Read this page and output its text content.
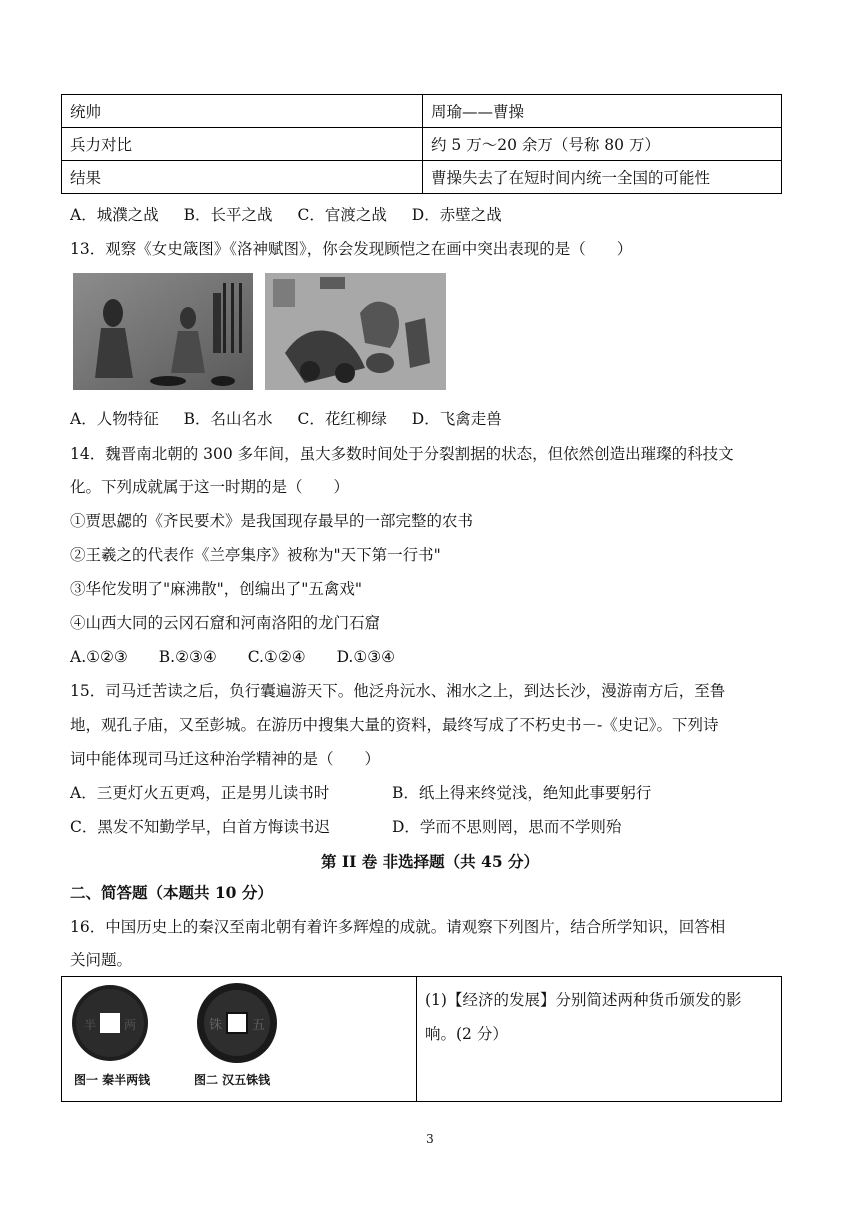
统帅	周瑜——曹操
兵力对比	约 5 万～20 余万（号称 80 万）
结果	曹操失去了在短时间内统一全国的可能性
A．城濮之战 B．长平之战 C．官渡之战 D．赤壁之战
13．观察《女史箴图》《洛神赋图》，你会发现顾恺之在画中突出表现的是（　　）
A．人物特征 B．名山名水 C．花红柳绿 D．飞禽走兽
14．魏晋南北朝的 300 多年间，虽大多数时间处于分裂割据的状态，但依然创造出璀璨的科技文
化。下列成就属于这一时期的是（　　）
①贾思勰的《齐民要术》是我国现存最早的一部完整的农书
②王羲之的代表作《兰亭集序》被称为"天下第一行书"
③华佗发明了"麻沸散"，创编出了"五禽戏"
④山西大同的云冈石窟和河南洛阳的龙门石窟
A.①②③ B.②③④ C.①②④ D.①③④
15．司马迁苦读之后，负行囊遍游天下。他泛舟沅水、湘水之上，到达长沙，漫游南方后，至鲁
地，观孔子庙，又至彭城。在游历中搜集大量的资料，最终写成了不朽史书－-《史记》。下列诗
词中能体现司马迁这种治学精神的是（　　）
A．三更灯火五更鸡，正是男儿读书时	B．纸上得来终觉浅，绝知此事要躬行
C．黑发不知勤学早，白首方悔读书迟	D．学而不思则罔，思而不学则殆
第 II 卷 非选择题（共 45 分）
二、简答题（本题共 10 分）
16．中国历史上的秦汉至南北朝有着许多辉煌的成就。请观察下列图片，结合所学知识，回答相
关问题。
半 两	五
铢
图一 秦半两钱	图二 汉五铢钱

(1)【经济的发展】分别简述两种货币颁发的影
响。(2 分）
3
